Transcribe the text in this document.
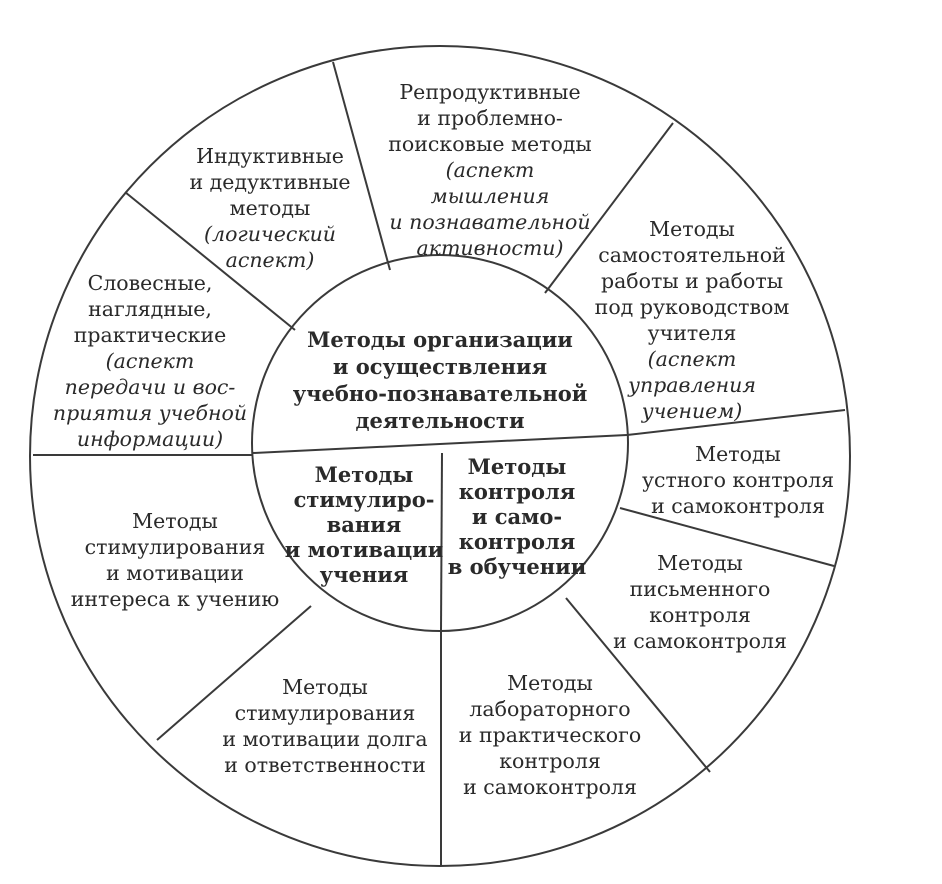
Методы организации
и осуществления
учебно-познавательной
деятельности
Методы
стимулиро-
вания
и мотивации
учения
Методы
контроля
и само-
контроля
в обучении
Индуктивные
и дедуктивные
методы
(логический
аспект)
Репродуктивные
и проблемно-
поисковые методы
(аспект
мышления
и познавательной
активности)
Методы
самостоятельной
работы и работы
под руководством
учителя
(аспект
управления
учением)
Словесные,
наглядные,
практические
(аспект
передачи и вос-
приятия учебной
информации)
Методы
устного контроля
и самоконтроля
Методы
письменного
контроля
и самоконтроля
Методы
лабораторного
и практического
контроля
и самоконтроля
Методы
стимулирования
и мотивации
интереса к учению
Методы
стимулирования
и мотивации долга
и ответственности
